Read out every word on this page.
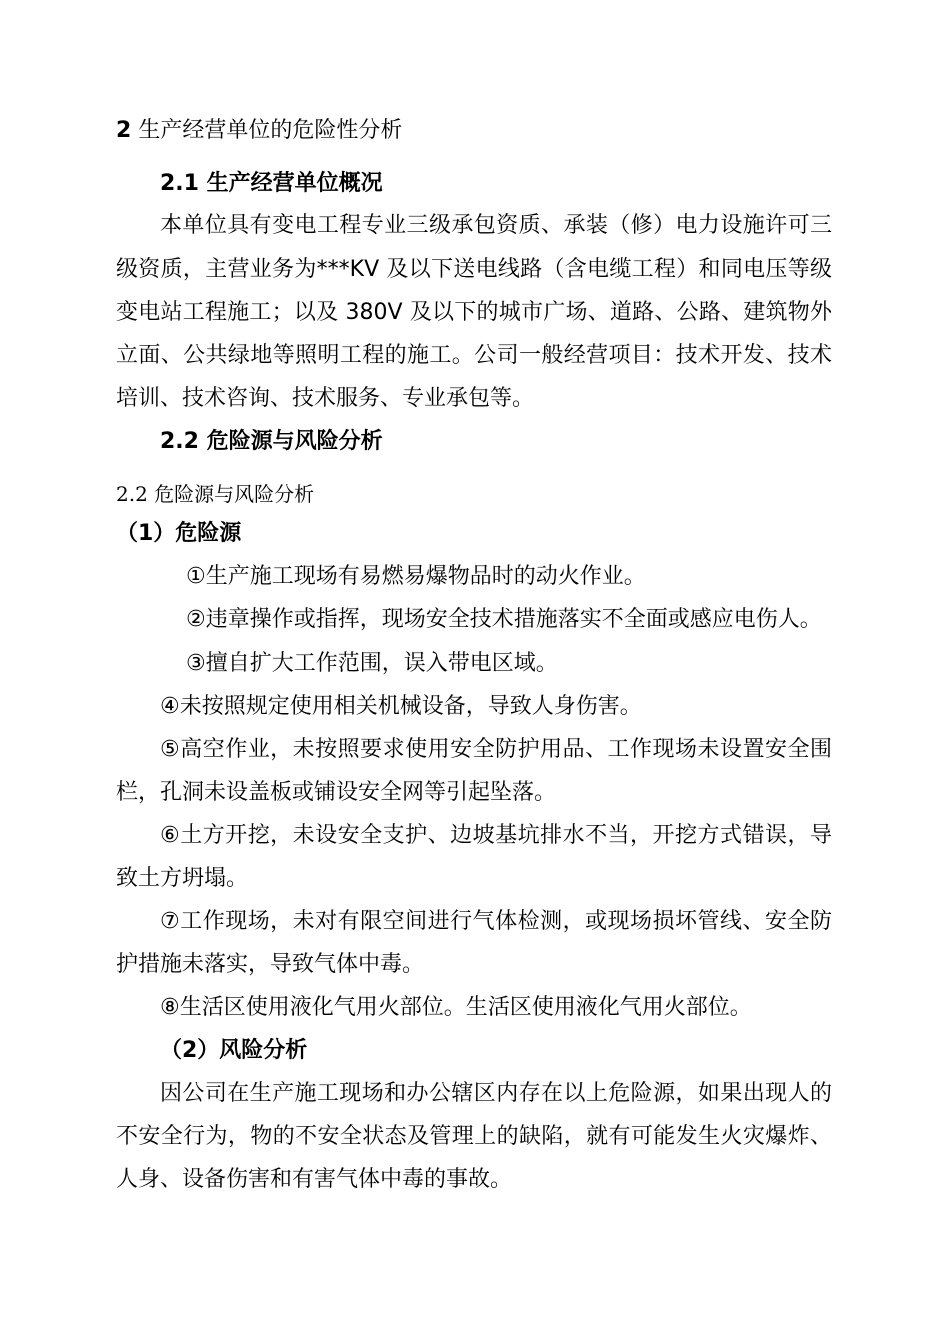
2 生产经营单位的危险性分析
2.1 生产经营单位概况
本单位具有变电工程专业三级承包资质、承装（修）电力设施许可三
级资质，主营业务为***KV 及以下送电线路（含电缆工程）和同电压等级
变电站工程施工；以及 380V 及以下的城市广场、道路、公路、建筑物外
立面、公共绿地等照明工程的施工。公司一般经营项目：技术开发、技术
培训、技术咨询、技术服务、专业承包等。
2.2 危险源与风险分析
2.2 危险源与风险分析
（1）危险源
①生产施工现场有易燃易爆物品时的动火作业。
②违章操作或指挥，现场安全技术措施落实不全面或感应电伤人。
③擅自扩大工作范围，误入带电区域。
④未按照规定使用相关机械设备，导致人身伤害。
⑤高空作业，未按照要求使用安全防护用品、工作现场未设置安全围
栏，孔洞未设盖板或铺设安全网等引起坠落。
⑥土方开挖，未设安全支护、边坡基坑排水不当，开挖方式错误，导
致土方坍塌。
⑦工作现场，未对有限空间进行气体检测，或现场损坏管线、安全防
护措施未落实，导致气体中毒。
⑧生活区使用液化气用火部位。生活区使用液化气用火部位。
（2）风险分析
因公司在生产施工现场和办公辖区内存在以上危险源，如果出现人的
不安全行为，物的不安全状态及管理上的缺陷，就有可能发生火灾爆炸、
人身、设备伤害和有害气体中毒的事故。
